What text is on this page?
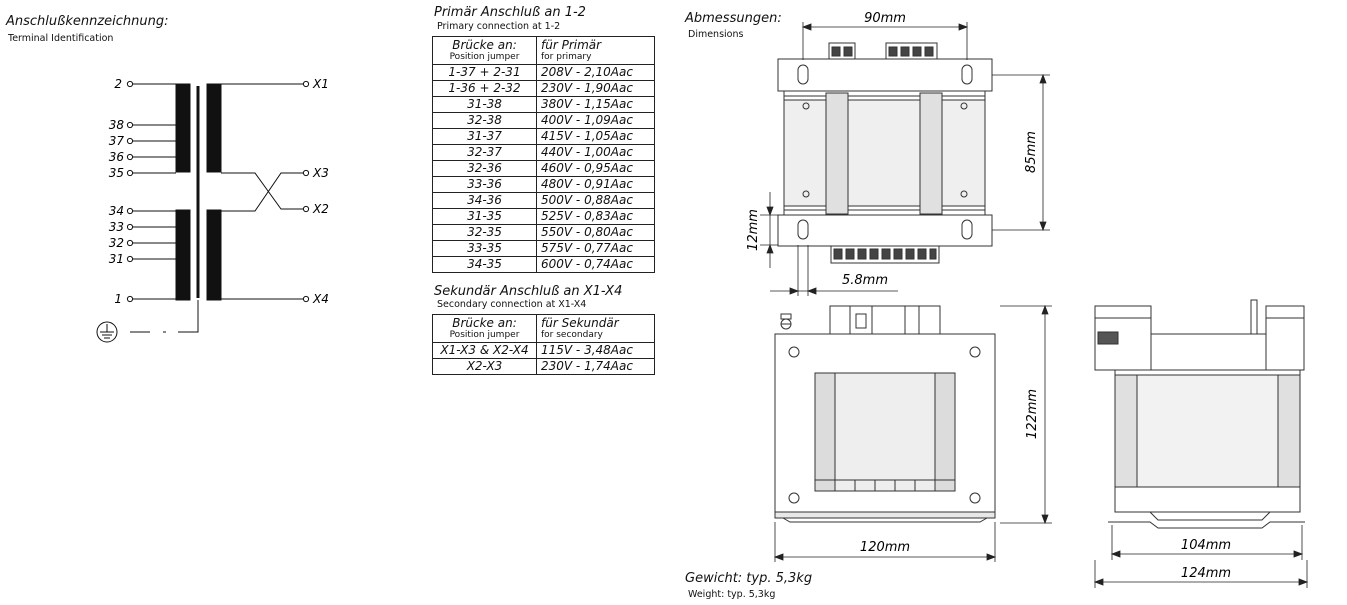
Anschlußkennzeichnung:
Terminal Identification
Primär Anschluß an 1-2
Primary connection at 1-2
Sekundär Anschluß an X1-X4
Secondary connection at X1-X4
Abmessungen:
Dimensions
Gewicht: typ. 5,3kg
Weight: typ. 5,3kg
Brücke an:
Position jumper	für Primär
for primary

1-37 + 2-31	208V - 2,10Aac
1-36 + 2-32	230V - 1,90Aac
31-38	380V - 1,15Aac
32-38	400V - 1,09Aac
31-37	415V - 1,05Aac
32-37	440V - 1,00Aac
32-36	460V - 0,95Aac
33-36	480V - 0,91Aac
34-36	500V - 0,88Aac
31-35	525V - 0,83Aac
32-35	550V - 0,80Aac
33-35	575V - 0,77Aac
34-35	600V - 0,74Aac
Brücke an:
Position jumper	für Sekundär
for secondary

X1-X3 & X2-X4	115V - 3,48Aac
X2-X3	230V - 1,74Aac
2
38
37
36
35
34
33
32
31
1
X1
X3
X2
X4
90mm
85mm
12mm
5.8mm
122mm
120mm	104mm
124mm
